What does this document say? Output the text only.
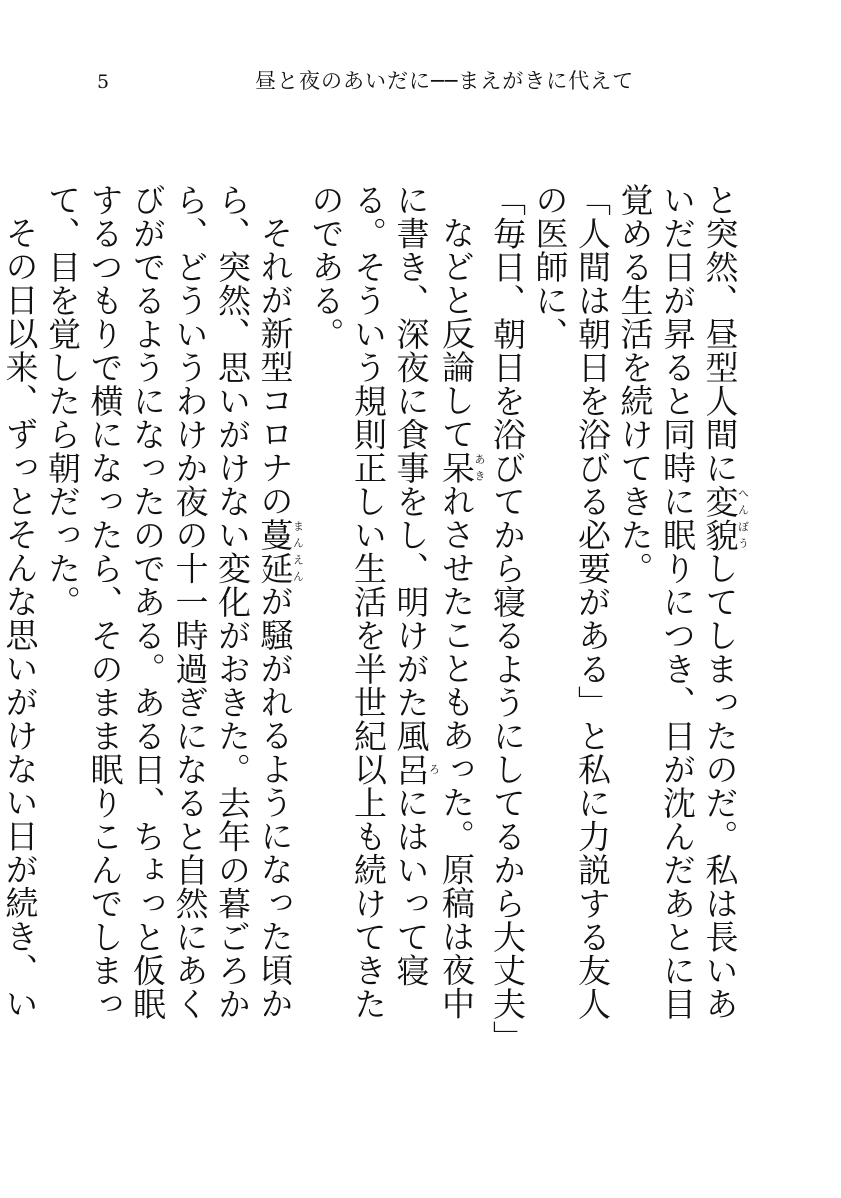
5	昼と夜のあいだに──まえがきに代えて

と突然、昼型人間に変貌へんぼうしてしまったのだ。私は長いあいだ日が昇ると同時に眠りにつき、日が沈んだあとに目覚める生活を続けてきた。

「人間は朝日を浴びる必要がある」と私に力説する友人の医師に、

「毎日、朝日を浴びてから寝るようにしてるから大丈夫」

などと反論して呆あきれさせたこともあった。原稿は夜中に書き、深夜に食事をし、明けがた風呂ろにはいって寝る。そういう規則正しい生活を半世紀以上も続けてきたのである。

それが新型コロナの蔓延まんえんが騒がれるようになった頃から、突然、思いがけない変化がおきた。去年の暮ごろから、どういうわけか夜の十一時過ぎになると自然にあくびがでるようになったのである。ある日、ちょっと仮眠するつもりで横になったら、そのまま眠りこんでしまって、目を覚したら朝だった。

その日以来、ずっとそんな思いがけない日が続き、い
